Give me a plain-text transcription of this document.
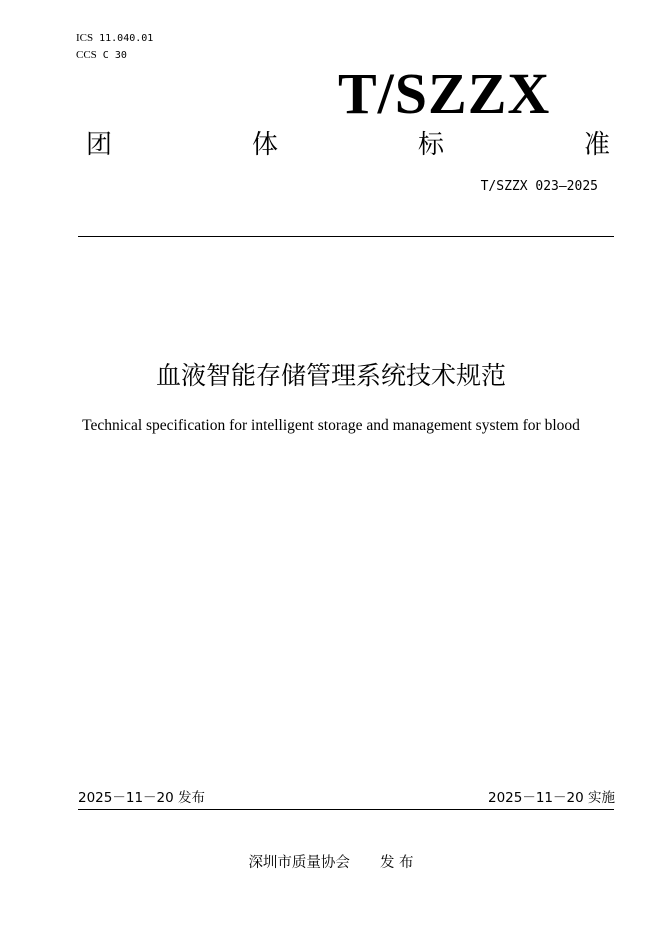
ICS 11.040.01
CCS C 30
T/SZZX
团	体	标	准
T/SZZX 023—2025
血液智能存储管理系统技术规范
Technical specification for intelligent storage and management system for blood
2025－11－20 发布	2025－11－20 实施
深圳市质量协会 发 布
